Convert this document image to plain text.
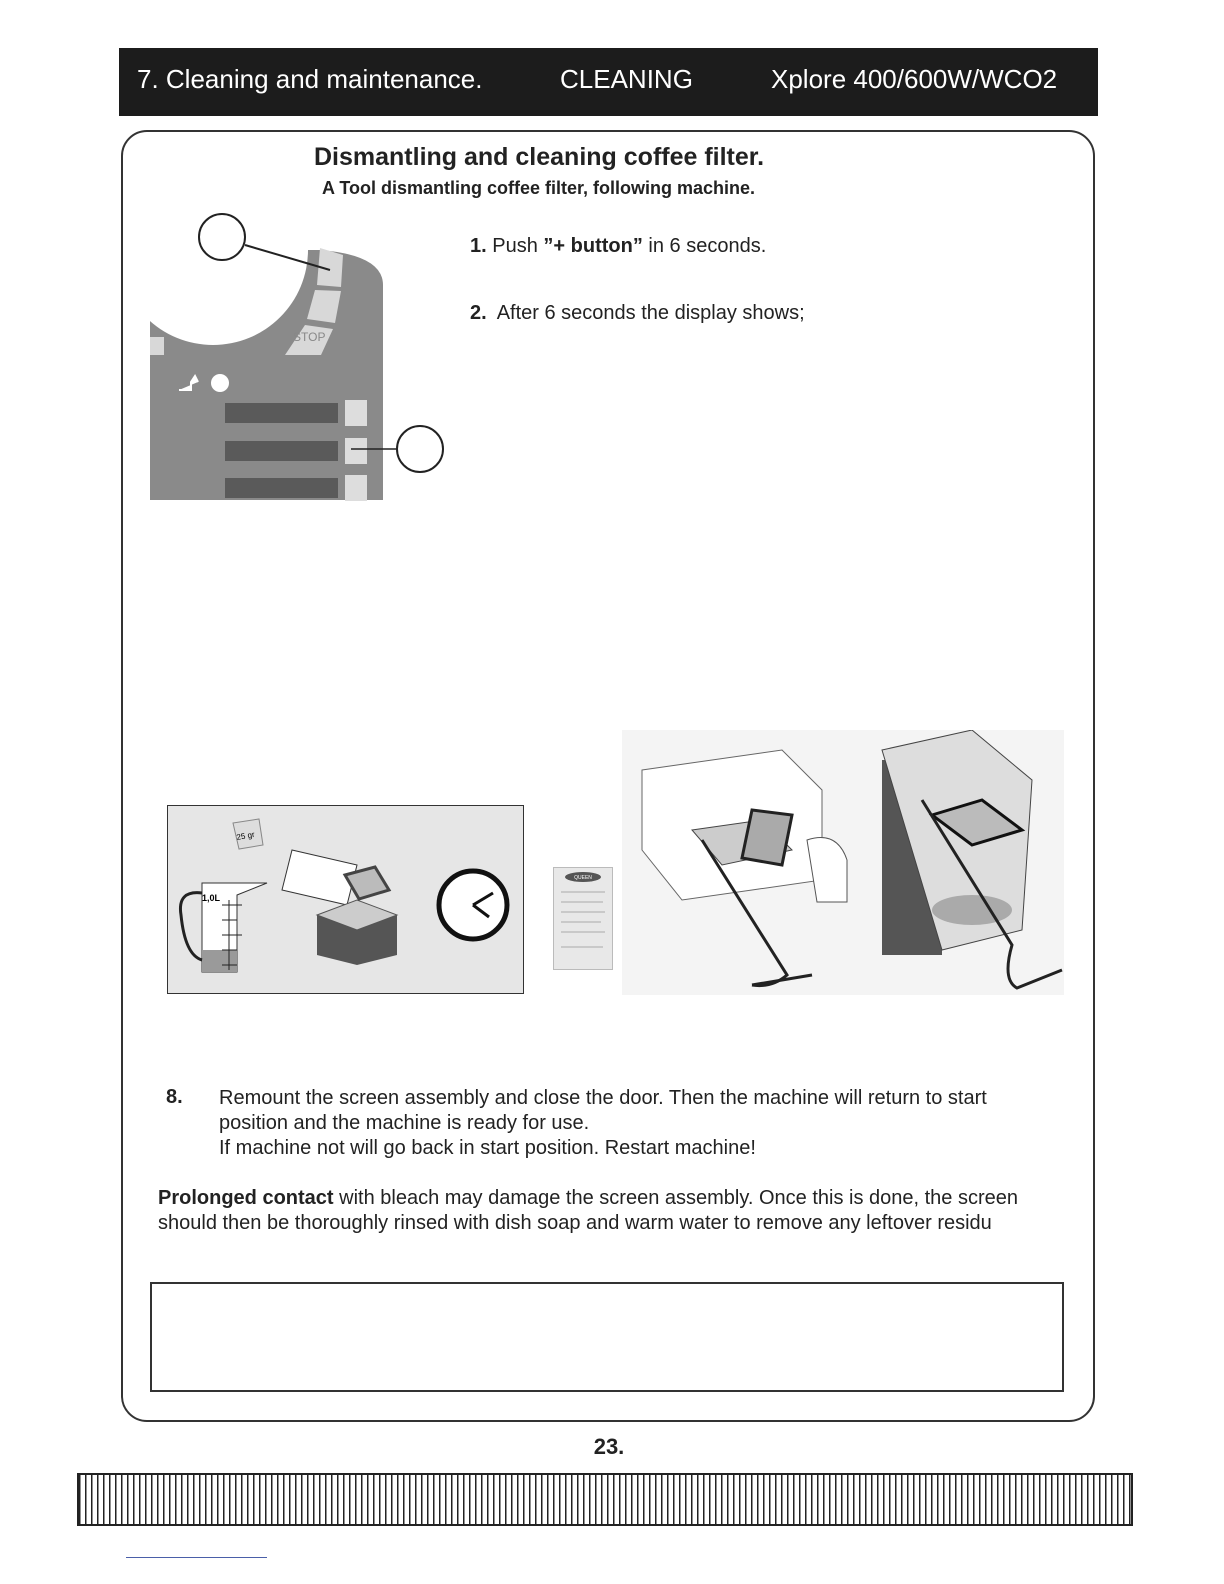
7. Cleaning and maintenance.	CLEANING	Xplore 400/600W/WCO2
Dismantling and cleaning coffee filter.
A Tool dismantling coffee filter, following machine.
STOP
1. Push ”+ button” in 6 seconds.
2. After 6 seconds the display shows;
1,0L
25 gr
QUEEN
8. Remount the screen assembly and close the door. Then the machine will return to start position and the machine is ready for use.
If machine not will go back in start position. Restart machine!
Prolonged contact with bleach may damage the screen assembly. Once this is done, the screen should then be thoroughly rinsed with dish soap and warm water to remove any leftover residu
23.
